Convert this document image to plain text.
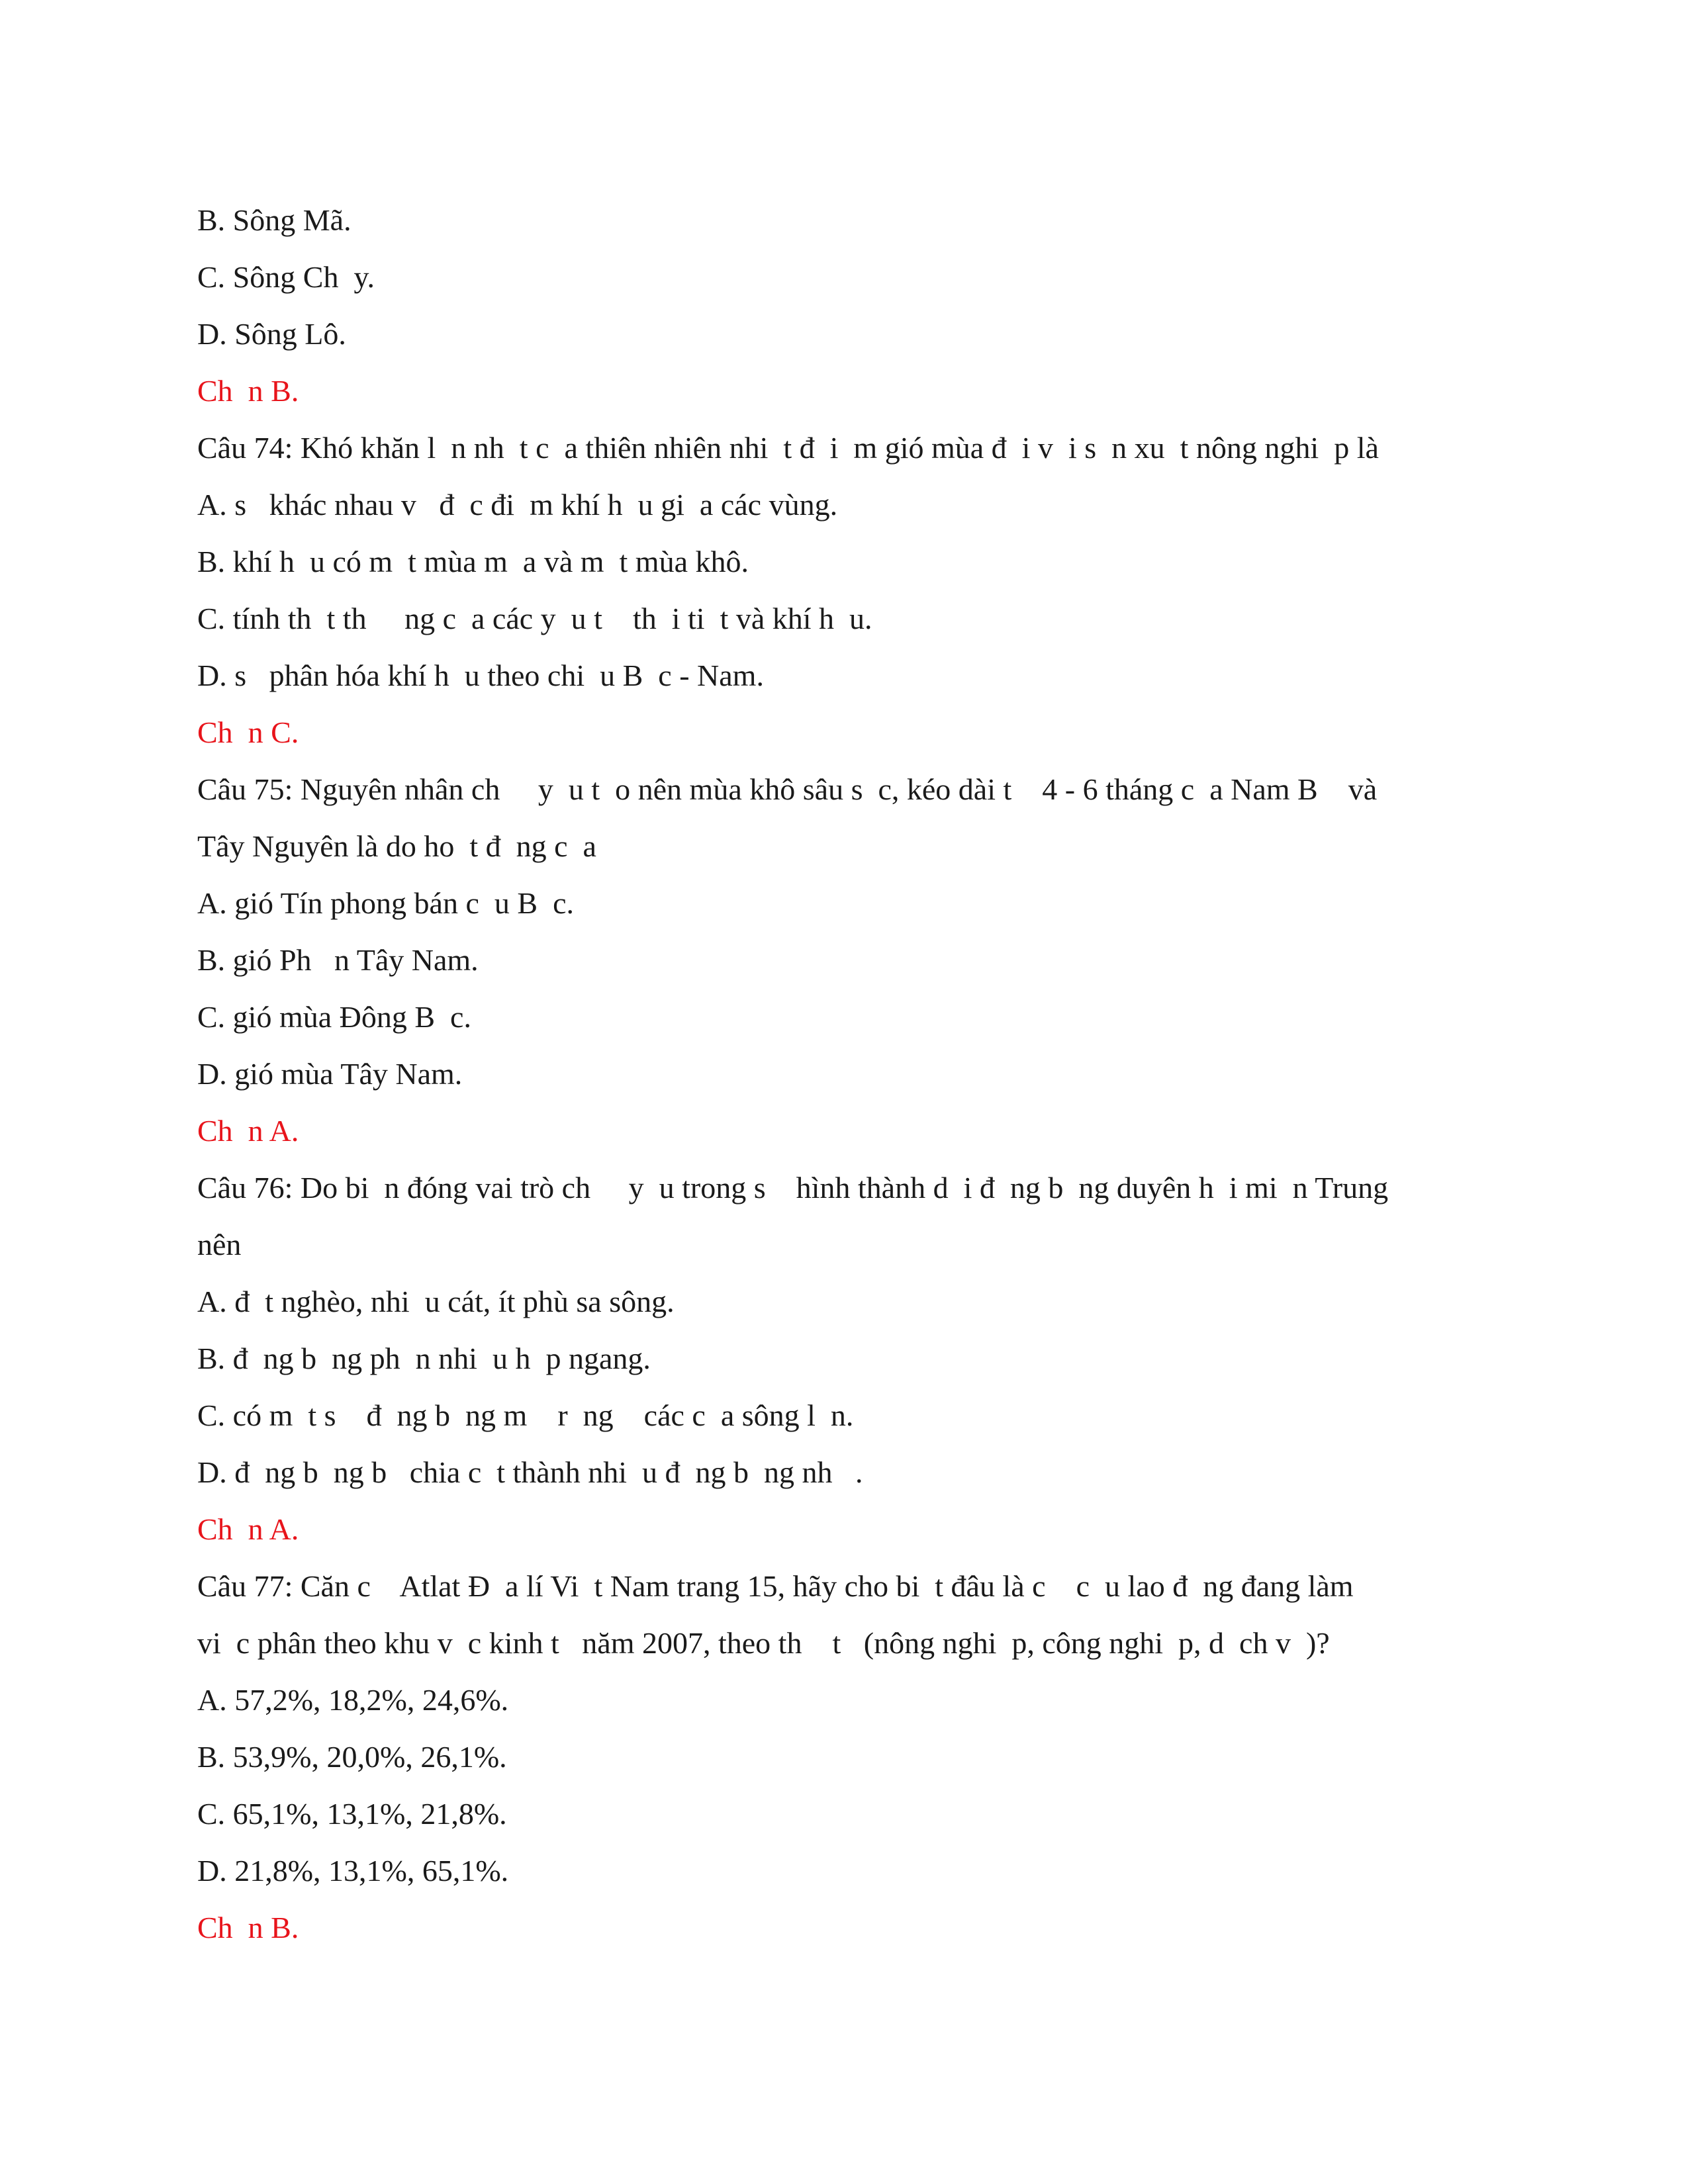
B. Sông Mã.
C. Sông Ch  y.
D. Sông Lô.
Ch  n B.
Câu 74: Khó khăn l  n nh  t c  a thiên nhiên nhi  t đ  i  m gió mùa đ  i v  i s  n xu  t nông nghi  p là
A. s   khác nhau v   đ  c đi  m khí h  u gi  a các vùng.
B. khí h  u có m  t mùa m  a và m  t mùa khô.
C. tính th  t th     ng c  a các y  u t    th  i ti  t và khí h  u.
D. s   phân hóa khí h  u theo chi  u B  c - Nam.
Ch  n C.
Câu 75: Nguyên nhân ch     y  u t  o nên mùa khô sâu s  c, kéo dài t    4 - 6 tháng c  a Nam B    và
Tây Nguyên là do ho  t đ  ng c  a
A. gió Tín phong bán c  u B  c.
B. gió Ph   n Tây Nam.
C. gió mùa Đông B  c.
D. gió mùa Tây Nam.
Ch  n A.
Câu 76: Do bi  n đóng vai trò ch     y  u trong s    hình thành d  i đ  ng b  ng duyên h  i mi  n Trung
nên
A. đ  t nghèo, nhi  u cát, ít phù sa sông.
B. đ  ng b  ng ph  n nhi  u h  p ngang.
C. có m  t s    đ  ng b  ng m    r  ng    các c  a sông l  n.
D. đ  ng b  ng b   chia c  t thành nhi  u đ  ng b  ng nh   .
Ch  n A.
Câu 77: Căn c    Atlat Đ  a lí Vi  t Nam trang 15, hãy cho bi  t đâu là c    c  u lao đ  ng đang làm
vi  c phân theo khu v  c kinh t   năm 2007, theo th    t   (nông nghi  p, công nghi  p, d  ch v  )?
A. 57,2%, 18,2%, 24,6%.
B. 53,9%, 20,0%, 26,1%.
C. 65,1%, 13,1%, 21,8%.
D. 21,8%, 13,1%, 65,1%.
Ch  n B.
